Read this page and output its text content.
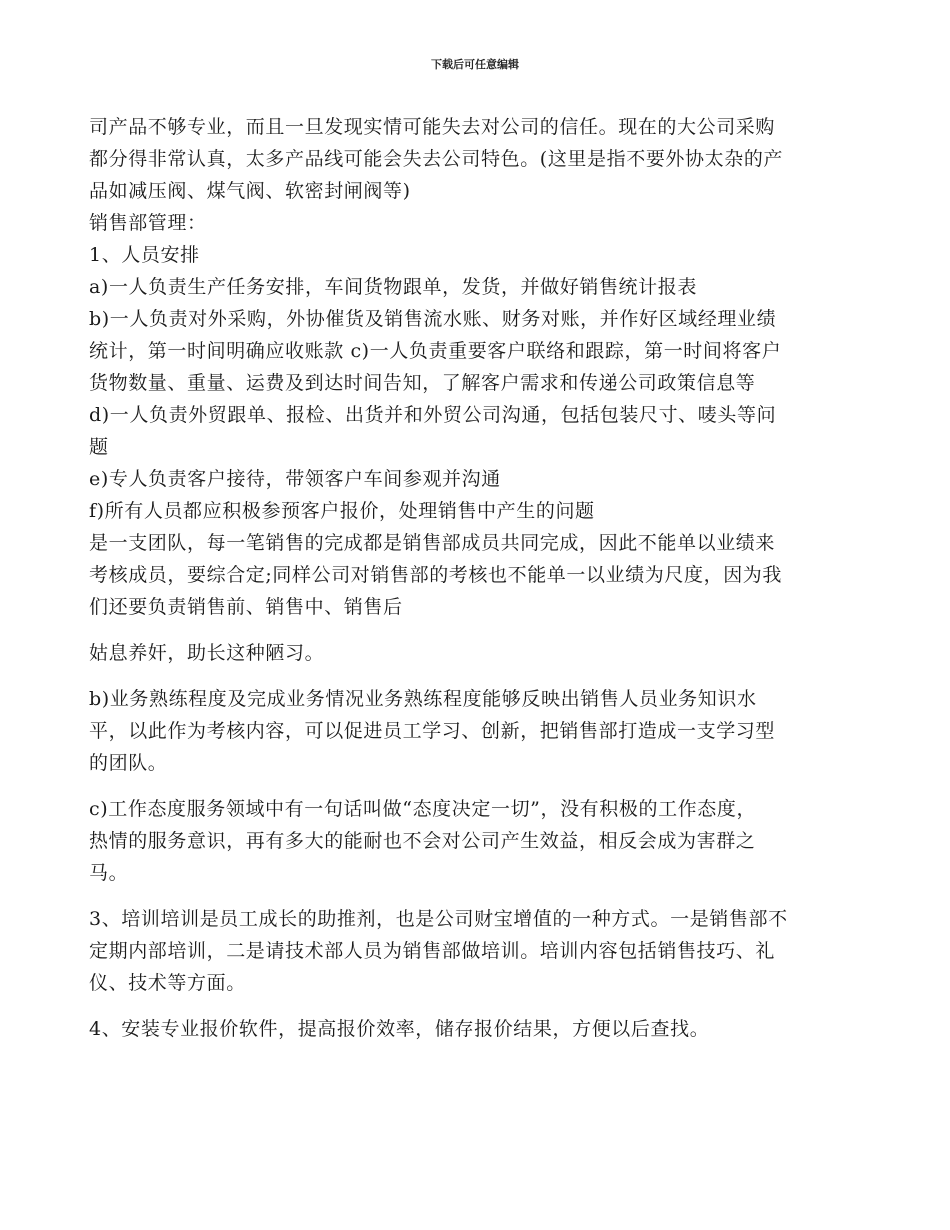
下载后可任意编辑
司产品不够专业，而且一旦发现实情可能失去对公司的信任。现在的大公司采购
都分得非常认真，太多产品线可能会失去公司特色。(这里是指不要外协太杂的产
品如减压阀、煤气阀、软密封闸阀等)
销售部管理：
1、人员安排
a)一人负责生产任务安排，车间货物跟单，发货，并做好销售统计报表
b)一人负责对外采购，外协催货及销售流水账、财务对账，并作好区域经理业绩
统计，第一时间明确应收账款 c)一人负责重要客户联络和跟踪，第一时间将客户
货物数量、重量、运费及到达时间告知，了解客户需求和传递公司政策信息等
d)一人负责外贸跟单、报检、出货并和外贸公司沟通，包括包装尺寸、唛头等问
题
e)专人负责客户接待，带领客户车间参观并沟通
f)所有人员都应积极参预客户报价，处理销售中产生的问题
是一支团队，每一笔销售的完成都是销售部成员共同完成，因此不能单以业绩来
考核成员，要综合定;同样公司对销售部的考核也不能单一以业绩为尺度，因为我
们还要负责销售前、销售中、销售后
姑息养奸，助长这种陋习。
b)业务熟练程度及完成业务情况业务熟练程度能够反映出销售人员业务知识水
平，以此作为考核内容，可以促进员工学习、创新，把销售部打造成一支学习型
的团队。
c)工作态度服务领域中有一句话叫做“态度决定一切”，没有积极的工作态度，
热情的服务意识，再有多大的能耐也不会对公司产生效益，相反会成为害群之
马。
3、培训培训是员工成长的助推剂，也是公司财宝增值的一种方式。一是销售部不
定期内部培训，二是请技术部人员为销售部做培训。培训内容包括销售技巧、礼
仪、技术等方面。
4、安装专业报价软件，提高报价效率，储存报价结果，方便以后查找。
